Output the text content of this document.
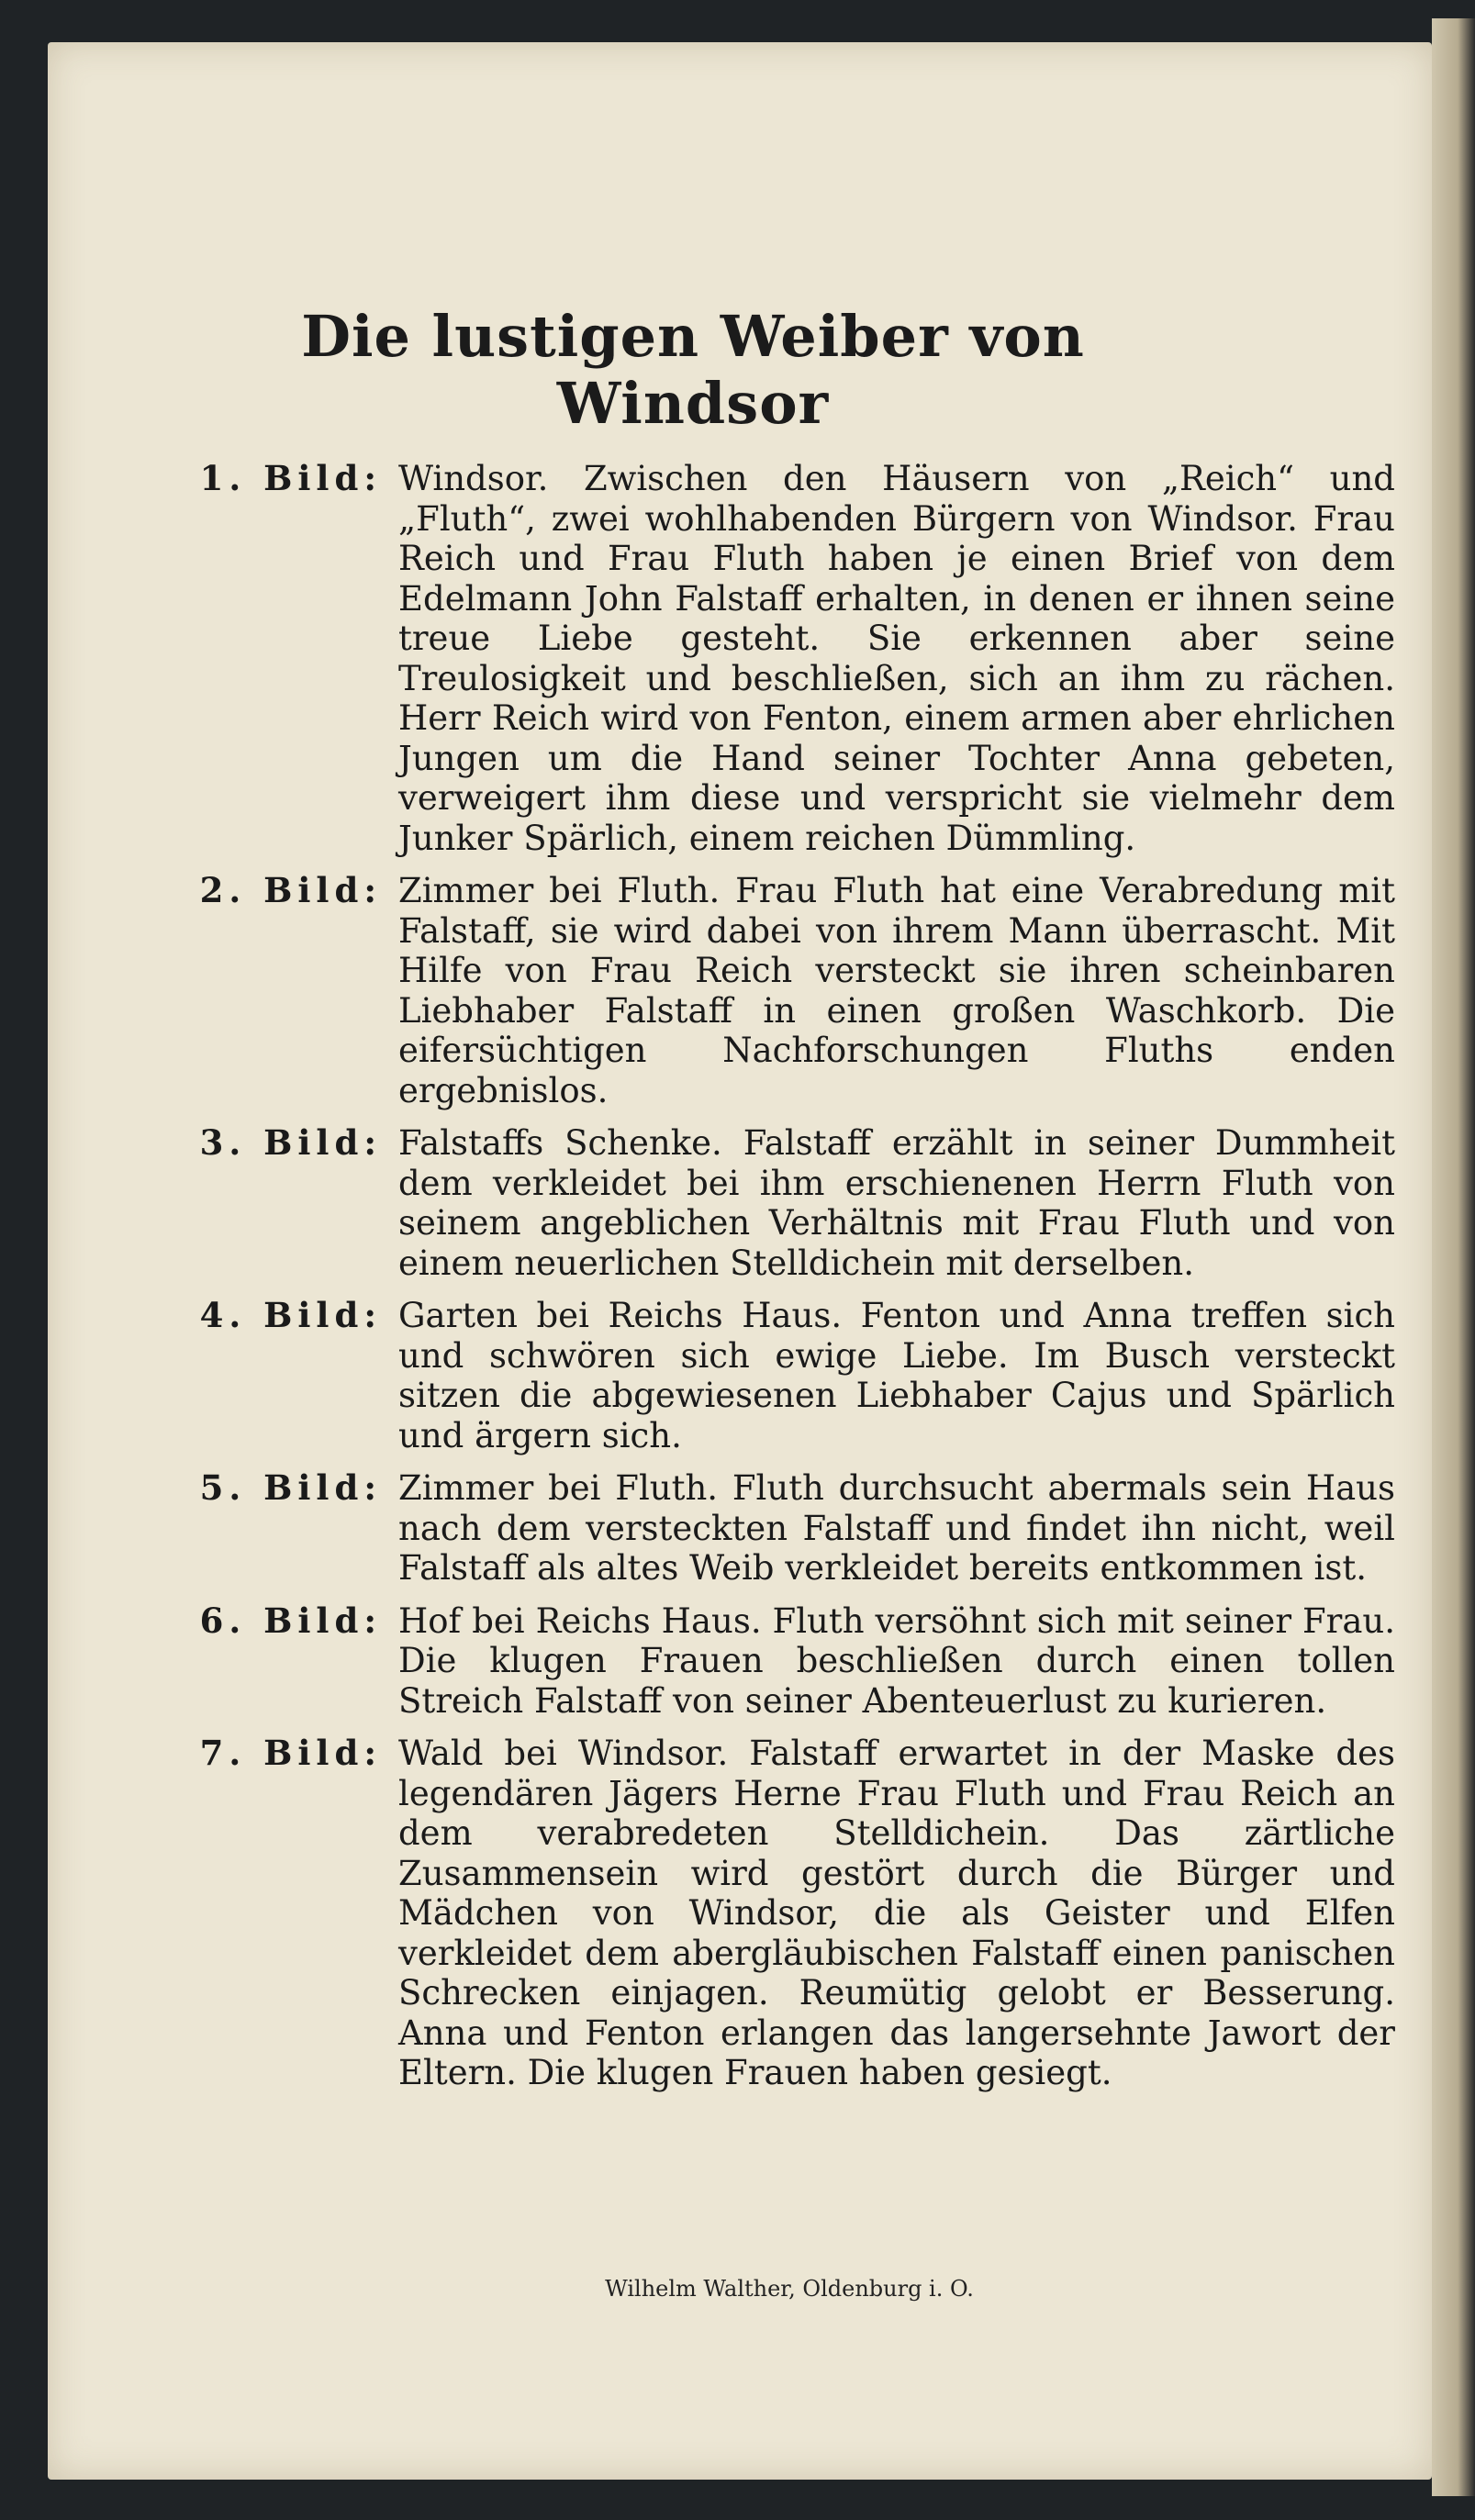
Die lustigen Weiber von Windsor
1. Bild: Windsor. Zwischen den Häusern von „Reich“ und „Fluth“, zwei wohlhabenden Bürgern von Windsor. Frau Reich und Frau Fluth haben je einen Brief von dem Edelmann John Falstaff erhalten, in denen er ihnen seine treue Liebe gesteht. Sie erkennen aber seine Treulosigkeit und beschließen, sich an ihm zu rächen. Herr Reich wird von Fenton, einem armen aber ehrlichen Jungen um die Hand seiner Tochter Anna gebeten, verweigert ihm diese und verspricht sie vielmehr dem Junker Spärlich, einem reichen Dümmling.
2. Bild: Zimmer bei Fluth. Frau Fluth hat eine Verabredung mit Falstaff, sie wird dabei von ihrem Mann überrascht. Mit Hilfe von Frau Reich versteckt sie ihren scheinbaren Liebhaber Falstaff in einen großen Waschkorb. Die eifersüchtigen Nachforschungen Fluths enden ergebnislos.
3. Bild: Falstaffs Schenke. Falstaff erzählt in seiner Dummheit dem verkleidet bei ihm erschienenen Herrn Fluth von seinem angeblichen Verhältnis mit Frau Fluth und von einem neuerlichen Stelldichein mit derselben.
4. Bild: Garten bei Reichs Haus. Fenton und Anna treffen sich und schwören sich ewige Liebe. Im Busch versteckt sitzen die abgewiesenen Liebhaber Cajus und Spärlich und ärgern sich.
5. Bild: Zimmer bei Fluth. Fluth durchsucht abermals sein Haus nach dem versteckten Falstaff und findet ihn nicht, weil Falstaff als altes Weib verkleidet bereits entkommen ist.
6. Bild: Hof bei Reichs Haus. Fluth versöhnt sich mit seiner Frau. Die klugen Frauen beschließen durch einen tollen Streich Falstaff von seiner Abenteuerlust zu kurieren.
7. Bild: Wald bei Windsor. Falstaff erwartet in der Maske des legendären Jägers Herne Frau Fluth und Frau Reich an dem verabredeten Stelldichein. Das zärtliche Zusammensein wird gestört durch die Bürger und Mädchen von Windsor, die als Geister und Elfen verkleidet dem abergläubischen Falstaff einen panischen Schrecken einjagen. Reumütig gelobt er Besserung. Anna und Fenton erlangen das langersehnte Jawort der Eltern. Die klugen Frauen haben gesiegt.
Wilhelm Walther, Oldenburg i. O.
